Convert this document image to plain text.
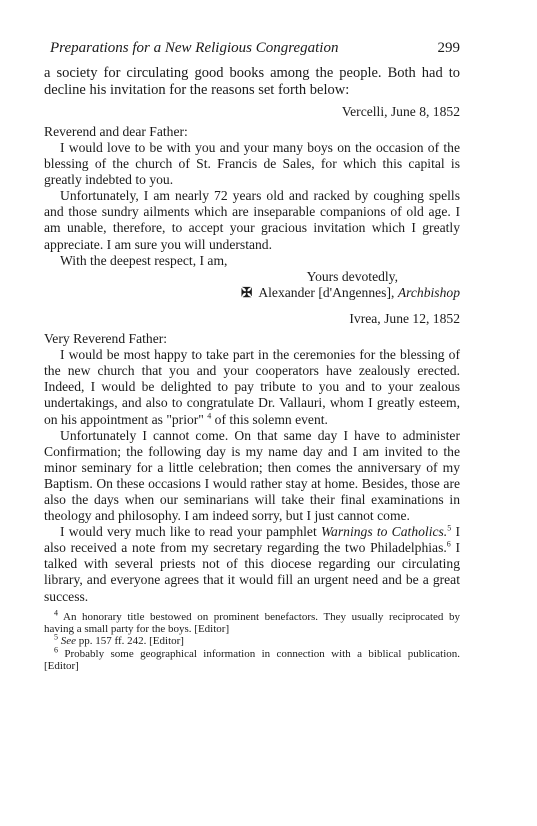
Preparations for a New Religious Congregation	299

a society for circulating good books among the people. Both had to decline his invitation for the reasons set forth below:

Vercelli, June 8, 1852

Reverend and dear Father:

I would love to be with you and your many boys on the occasion of the blessing of the church of St. Francis de Sales, for which this capital is greatly indebted to you.

Unfortunately, I am nearly 72 years old and racked by coughing spells and those sundry ailments which are inseparable companions of old age. I am unable, therefore, to accept your gracious invitation which I greatly appreciate. I am sure you will understand.

With the deepest respect, I am,

Yours devotedly,

✠ Alexander [d'Angennes], Archbishop

Ivrea, June 12, 1852

Very Reverend Father:

I would be most happy to take part in the ceremonies for the blessing of the new church that you and your cooperators have zealously erected. Indeed, I would be delighted to pay tribute to you and to your zealous undertakings, and also to congratulate Dr. Vallauri, whom I greatly esteem, on his appointment as "prior" $^4$ of this solemn event.

Unfortunately I cannot come. On that same day I have to administer Confirmation; the following day is my name day and I am invited to the minor seminary for a little celebration; then comes the anniversary of my Baptism. On these occasions I would rather stay at home. Besides, those are also the days when our seminarians will take their final examinations in theology and philosophy. I am indeed sorry, but I just cannot come.

I would very much like to read your pamphlet Warnings to Catholics.$^5$ I also received a note from my secretary regarding the two Philadelphias.$^6$ I talked with several priests not of this diocese regarding our circulating library, and everyone agrees that it would fill an urgent need and be a great success.

$^4$ An honorary title bestowed on prominent benefactors. They usually reciprocated by having a small party for the boys. [Editor]

$^5$ See pp. 157 ff. 242. [Editor]

$^6$ Probably some geographical information in connection with a biblical publication. [Editor]
